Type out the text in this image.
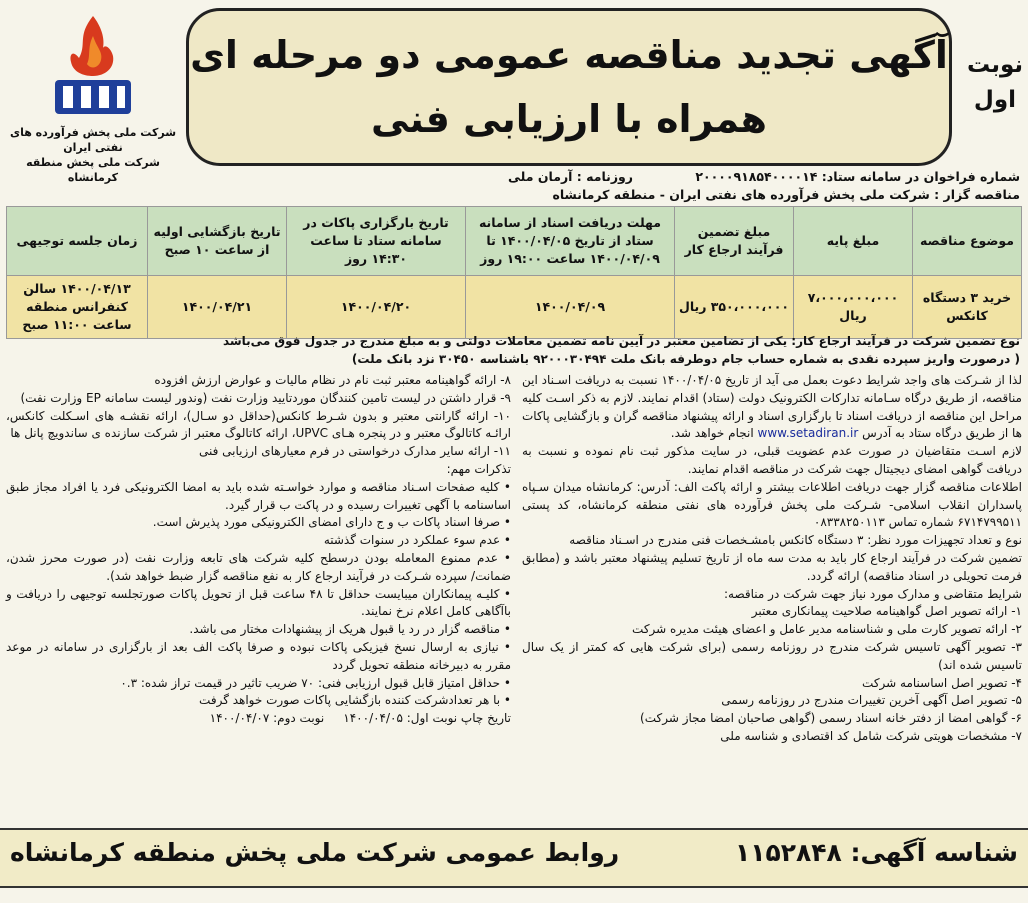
نوبت اول
آگهی تجدید مناقصه عمومی دو مرحله ای
همراه با ارزیابی فنی
شرکت ملی پخش فرآورده های نفتی ایران
شرکت ملی پخش منطقه کرمانشاه	شماره فراخوان در سامانه ستاد: ۲۰۰۰۰۹۱۸۵۴۰۰۰۰۱۴
روزنامه : آرمان ملی
مناقصه گزار : شرکت ملی پخش فرآورده های نفتی ایران - منطقه کرمانشاه
موضوع مناقصه	مبلغ پایه	مبلغ تضمین فرآیند ارجاع کار	مهلت دریافت اسناد از سامانه ستاد از تاریخ ۱۴۰۰/۰۴/۰۵ تا ۱۴۰۰/۰۴/۰۹ ساعت ۱۹:۰۰ روز	تاریخ بارگزاری پاکات در سامانه ستاد تا ساعت ۱۴:۳۰ روز	تاریخ بازگشایی اولیه از ساعت ۱۰ صبح	زمان جلسه توجیهی
خرید ۳ دستگاه کانکس	۷،۰۰۰،۰۰۰،۰۰۰ ریال	۳۵۰،۰۰۰،۰۰۰ ریال	۱۴۰۰/۰۴/۰۹	۱۴۰۰/۰۴/۲۰	۱۴۰۰/۰۴/۲۱	۱۴۰۰/۰۴/۱۳ سالن کنفرانس منطقه ساعت ۱۱:۰۰ صبح
نوع تضمین شرکت در فرآیند ارجاع کار: یکی از تضامین معتبر در آیین نامه تضمین معاملات دولتی و به مبلغ مندرج در جدول فوق می‌باشد
( درصورت واریز سپرده نقدی به شماره حساب جام دوطرفه بانک ملت ۹۲۰۰۰۳۰۴۹۴ باشناسه ۳۰۴۵۰ نزد بانک ملت)

لذا از شـرکت های واجد شرایط دعوت بعمل می آید از تاریخ ۱۴۰۰/۰۴/۰۵ نسبت به دریافت اسـناد این مناقصه، از طریق درگاه سـامانه تدارکات الکترونیک دولت (ستاد) اقدام نمایند. لازم به ذکر اسـت کلیه مراحل این مناقصه از دریافت اسناد تا بارگزاری اسناد و ارائه پیشنهاد مناقصه گران و بازگشایی پاکات ها از طریق درگاه ستاد به آدرس www.setadiran.ir انجام خواهد شد.

لازم اسـت متقاضیان در صورت عدم عضویت قبلی، در سایت مذکور ثبت نام نموده و نسبت به دریافت گواهی امضای دیجیتال جهت شرکت در مناقصه اقدام نمایند.

اطلاعات مناقصه گزار جهت دریافت اطلاعات بیشتر و ارائه پاکت الف: آدرس: کرمانشاه میدان سـپاه پاسداران انقلاب اسلامی- شـرکت ملی پخش فرآورده های نفتی منطقه کرمانشاه، کد پستی ۶۷۱۴۷۹۹۵۱۱ شماره تماس ۰۸۳۳۸۲۵۰۱۱۳

نوع و تعداد تجهیزات مورد نظر: ۳ دستگاه کانکس بامشـخصات فنی مندرج در اسـناد مناقصه

تضمین شرکت در فرآیند ارجاع کار باید به مدت سه ماه از تاریخ تسلیم پیشنهاد معتبر باشد و (مطابق فرمت تحویلی در اسناد مناقصه) ارائه گردد.

شرایط متقاضی و مدارک مورد نیاز جهت شرکت در مناقصه:

۱- ارائه تصویر اصل گواهینامه صلاحیت پیمانکاری معتبر

۲- ارائه تصویر کارت ملی و شناسنامه مدیر عامل و اعضای هیئت مدیره شرکت

۳- تصویر آگهی تاسیس شرکت مندرج در روزنامه رسمی (برای شرکت هایی که کمتر از یک سال تاسیس شده اند)

۴- تصویر اصل اساسنامه شرکت

۵- تصویر اصل آگهی آخرین تغییرات مندرج در روزنامه رسمی

۶- گواهی امضا از دفتر خانه اسناد رسمی (گواهی صاحبان امضا مجاز شرکت)

۷- مشخصات هویتی شرکت شامل کد اقتصادی و شناسه ملی

۸- ارائه گواهینامه معتبر ثبت نام در نظام مالیات و عوارض ارزش افزوده

۹- قرار داشتن در لیست تامین کنندگان موردتایید وزارت نفت (وندور لیست سامانه EP وزارت نفت)

۱۰- ارائه گارانتی معتبر و بدون شـرط کانکس(حداقل دو سـال)، ارائه نقشـه های اسـکلت کانکس، ارائـه کاتالوگ معتبر و در پنجره هـای UPVC، ارائه کاتالوگ معتبر از شرکت سازنده ی ساندویچ پانل ها

۱۱- ارائه سایر مدارک درخواستی در فرم معیارهای ارزیابی فنی

تذکرات مهم:

• کلیه صفحات اسـناد مناقصه و موارد خواسـته شده باید به امضا الکترونیکی فرد یا افراد مجاز طبق اساسنامه با آگهی تغییرات رسیده و در پاکت ب قرار گیرد.

• صرفا اسناد پاکات ب و ج دارای امضای الکترونیکی مورد پذیرش است.

• عدم سوء عملکرد در سنوات گذشته

• عدم ممنوع المعامله بودن درسطح کلیه شرکت های تابعه وزارت نفت (در صورت محرز شدن، ضمانت/ سپرده شـرکت در فرآیند ارجاع کار به نفع مناقصه گزار ضبط خواهد شد).

• کلیـه پیمانکاران میبایست حداقل تا ۴۸ ساعت قبل از تحویل پاکات صورتجلسه توجیهی را دریافت و باآگاهی کامل اعلام نرخ نمایند.

• مناقصه گزار در رد یا قبول هریک از پیشنهادات مختار می باشد.

• نیازی به ارسال نسخ فیزیکی پاکات نبوده و صرفا پاکت الف بعد از بارگزاری در سامانه در موعد مقرر به دبیرخانه منطقه تحویل گردد

• حداقل امتیاز قابل قبول ارزیابی فنی: ۷۰ ضریب تاثیر در قیمت تراز شده: ۰.۳

• با هر تعدادشرکت کننده بازگشایی پاکات صورت خواهد گرفت

تاریخ چاپ نوبت اول: ۱۴۰۰/۰۴/۰۵     نوبت دوم: ۱۴۰۰/۰۴/۰۷

شناسه آگهی: ۱۱۵۲۸۴۸
روابط عمومی شرکت ملی پخش منطقه کرمانشاه
